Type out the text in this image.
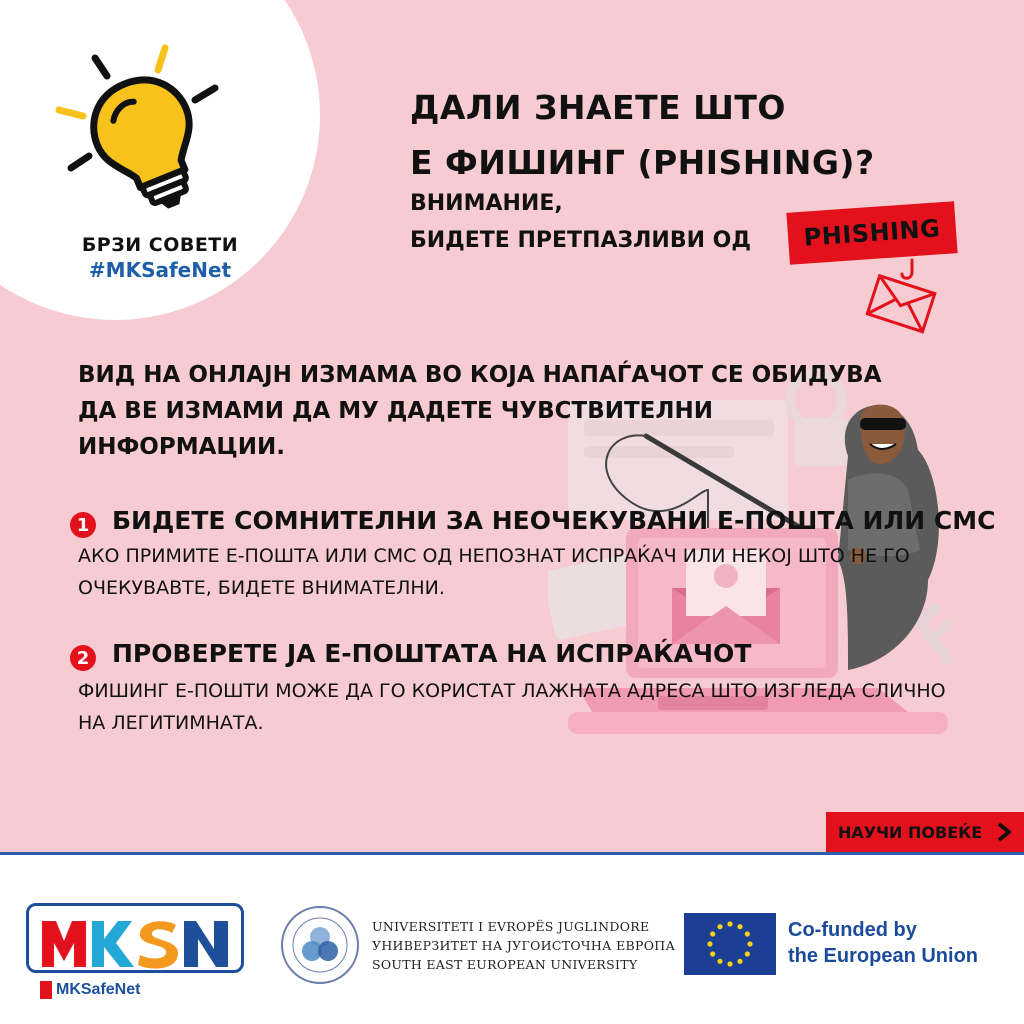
БРЗИ СОВЕТИ
#MKSafeNet
ДАЛИ ЗНАЕТЕ ШТО
Е ФИШИНГ (PHISHING)?
ВНИМАНИЕ,
БИДЕТЕ ПРЕТПАЗЛИВИ ОД PHISHING
ВИД НА ОНЛАЈН ИЗМАМА ВО КОЈА НАПАЃАЧОТ СЕ ОБИДУВА ДА ВЕ ИЗМАМИ ДА МУ ДАДЕТЕ ЧУВСТВИТЕЛНИ ИНФОРМАЦИИ.
1 БИДЕТЕ СОМНИТЕЛНИ ЗА НЕОЧЕКУВАНИ Е-ПОШТА ИЛИ СМС
АКО ПРИМИТЕ Е-ПОШТА ИЛИ СМС ОД НЕПОЗНАТ ИСПРАЌАЧ ИЛИ НЕКОЈ ШТО НЕ ГО ОЧЕКУВАВТЕ, БИДЕТЕ ВНИМАТЕЛНИ.
2 ПРОВЕРЕТЕ ЈА Е-ПОШТАТА НА ИСПРАЌАЧОТ
ФИШИНГ Е-ПОШТИ МОЖЕ ДА ГО КОРИСТАТ ЛАЖНАТА АДРЕСА ШТО ИЗГЛЕДА СЛИЧНО НА ЛЕГИТИМНАТА.
НАУЧИ ПОВЕЌЕ
MKSafeNet
UNIVERSITETI I EVROPËS JUGLINDORE
УНИВЕРЗИТЕТ НА ЈУГОИСТОЧНА ЕВРОПА
SOUTH EAST EUROPEAN UNIVERSITY
Co-funded by
the European Union
